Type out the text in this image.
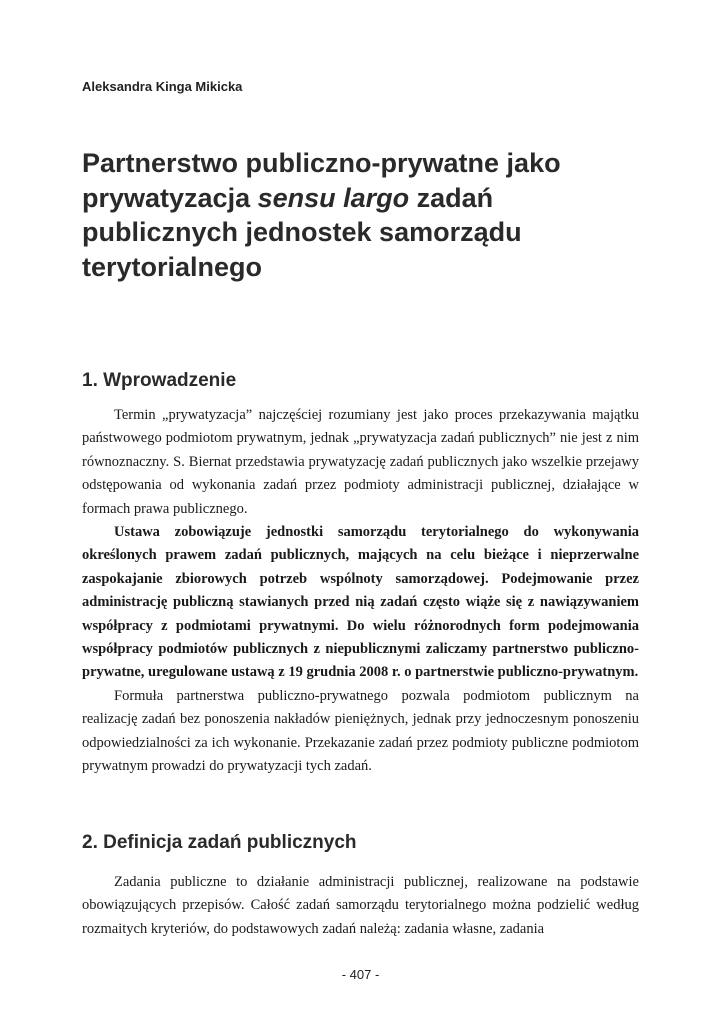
Aleksandra Kinga Mikicka
Partnerstwo publiczno-prywatne jako prywatyzacja sensu largo zadań publicznych jednostek samorządu terytorialnego
1. Wprowadzenie

Termin „prywatyzacja” najczęściej rozumiany jest jako proces przekazywania majątku państwowego podmiotom prywatnym, jednak „prywatyzacja zadań publicznych” nie jest z nim równoznaczny. S. Biernat przedstawia prywatyzację zadań publicznych jako wszelkie przejawy odstępowania od wykonania zadań przez podmioty administracji publicznej, działające w formach prawa publicznego.

Ustawa zobowiązuje jednostki samorządu terytorialnego do wykonywania określonych prawem zadań publicznych, mających na celu bieżące i nieprzerwalne zaspokajanie zbiorowych potrzeb wspólnoty samorządowej. Podejmowanie przez administrację publiczną stawianych przed nią zadań często wiąże się z nawiązywaniem współpracy z podmiotami prywatnymi. Do wielu różnorodnych form podejmowania współpracy podmiotów publicznych z niepublicznymi zaliczamy partnerstwo publiczno-prywatne, uregulowane ustawą z 19 grudnia 2008 r. o partnerstwie publiczno-prywatnym.

Formuła partnerstwa publiczno-prywatnego pozwala podmiotom publicznym na realizację zadań bez ponoszenia nakładów pieniężnych, jednak przy jednoczesnym ponoszeniu odpowiedzialności za ich wykonanie. Przekazanie zadań przez podmioty publiczne podmiotom prywatnym prowadzi do prywatyzacji tych zadań.

2. Definicja zadań publicznych

Zadania publiczne to działanie administracji publicznej, realizowane na podstawie obowiązujących przepisów. Całość zadań samorządu terytorialnego można podzielić według rozmaitych kryteriów, do podstawowych zadań należą: zadania własne, zadania

- 407 -
